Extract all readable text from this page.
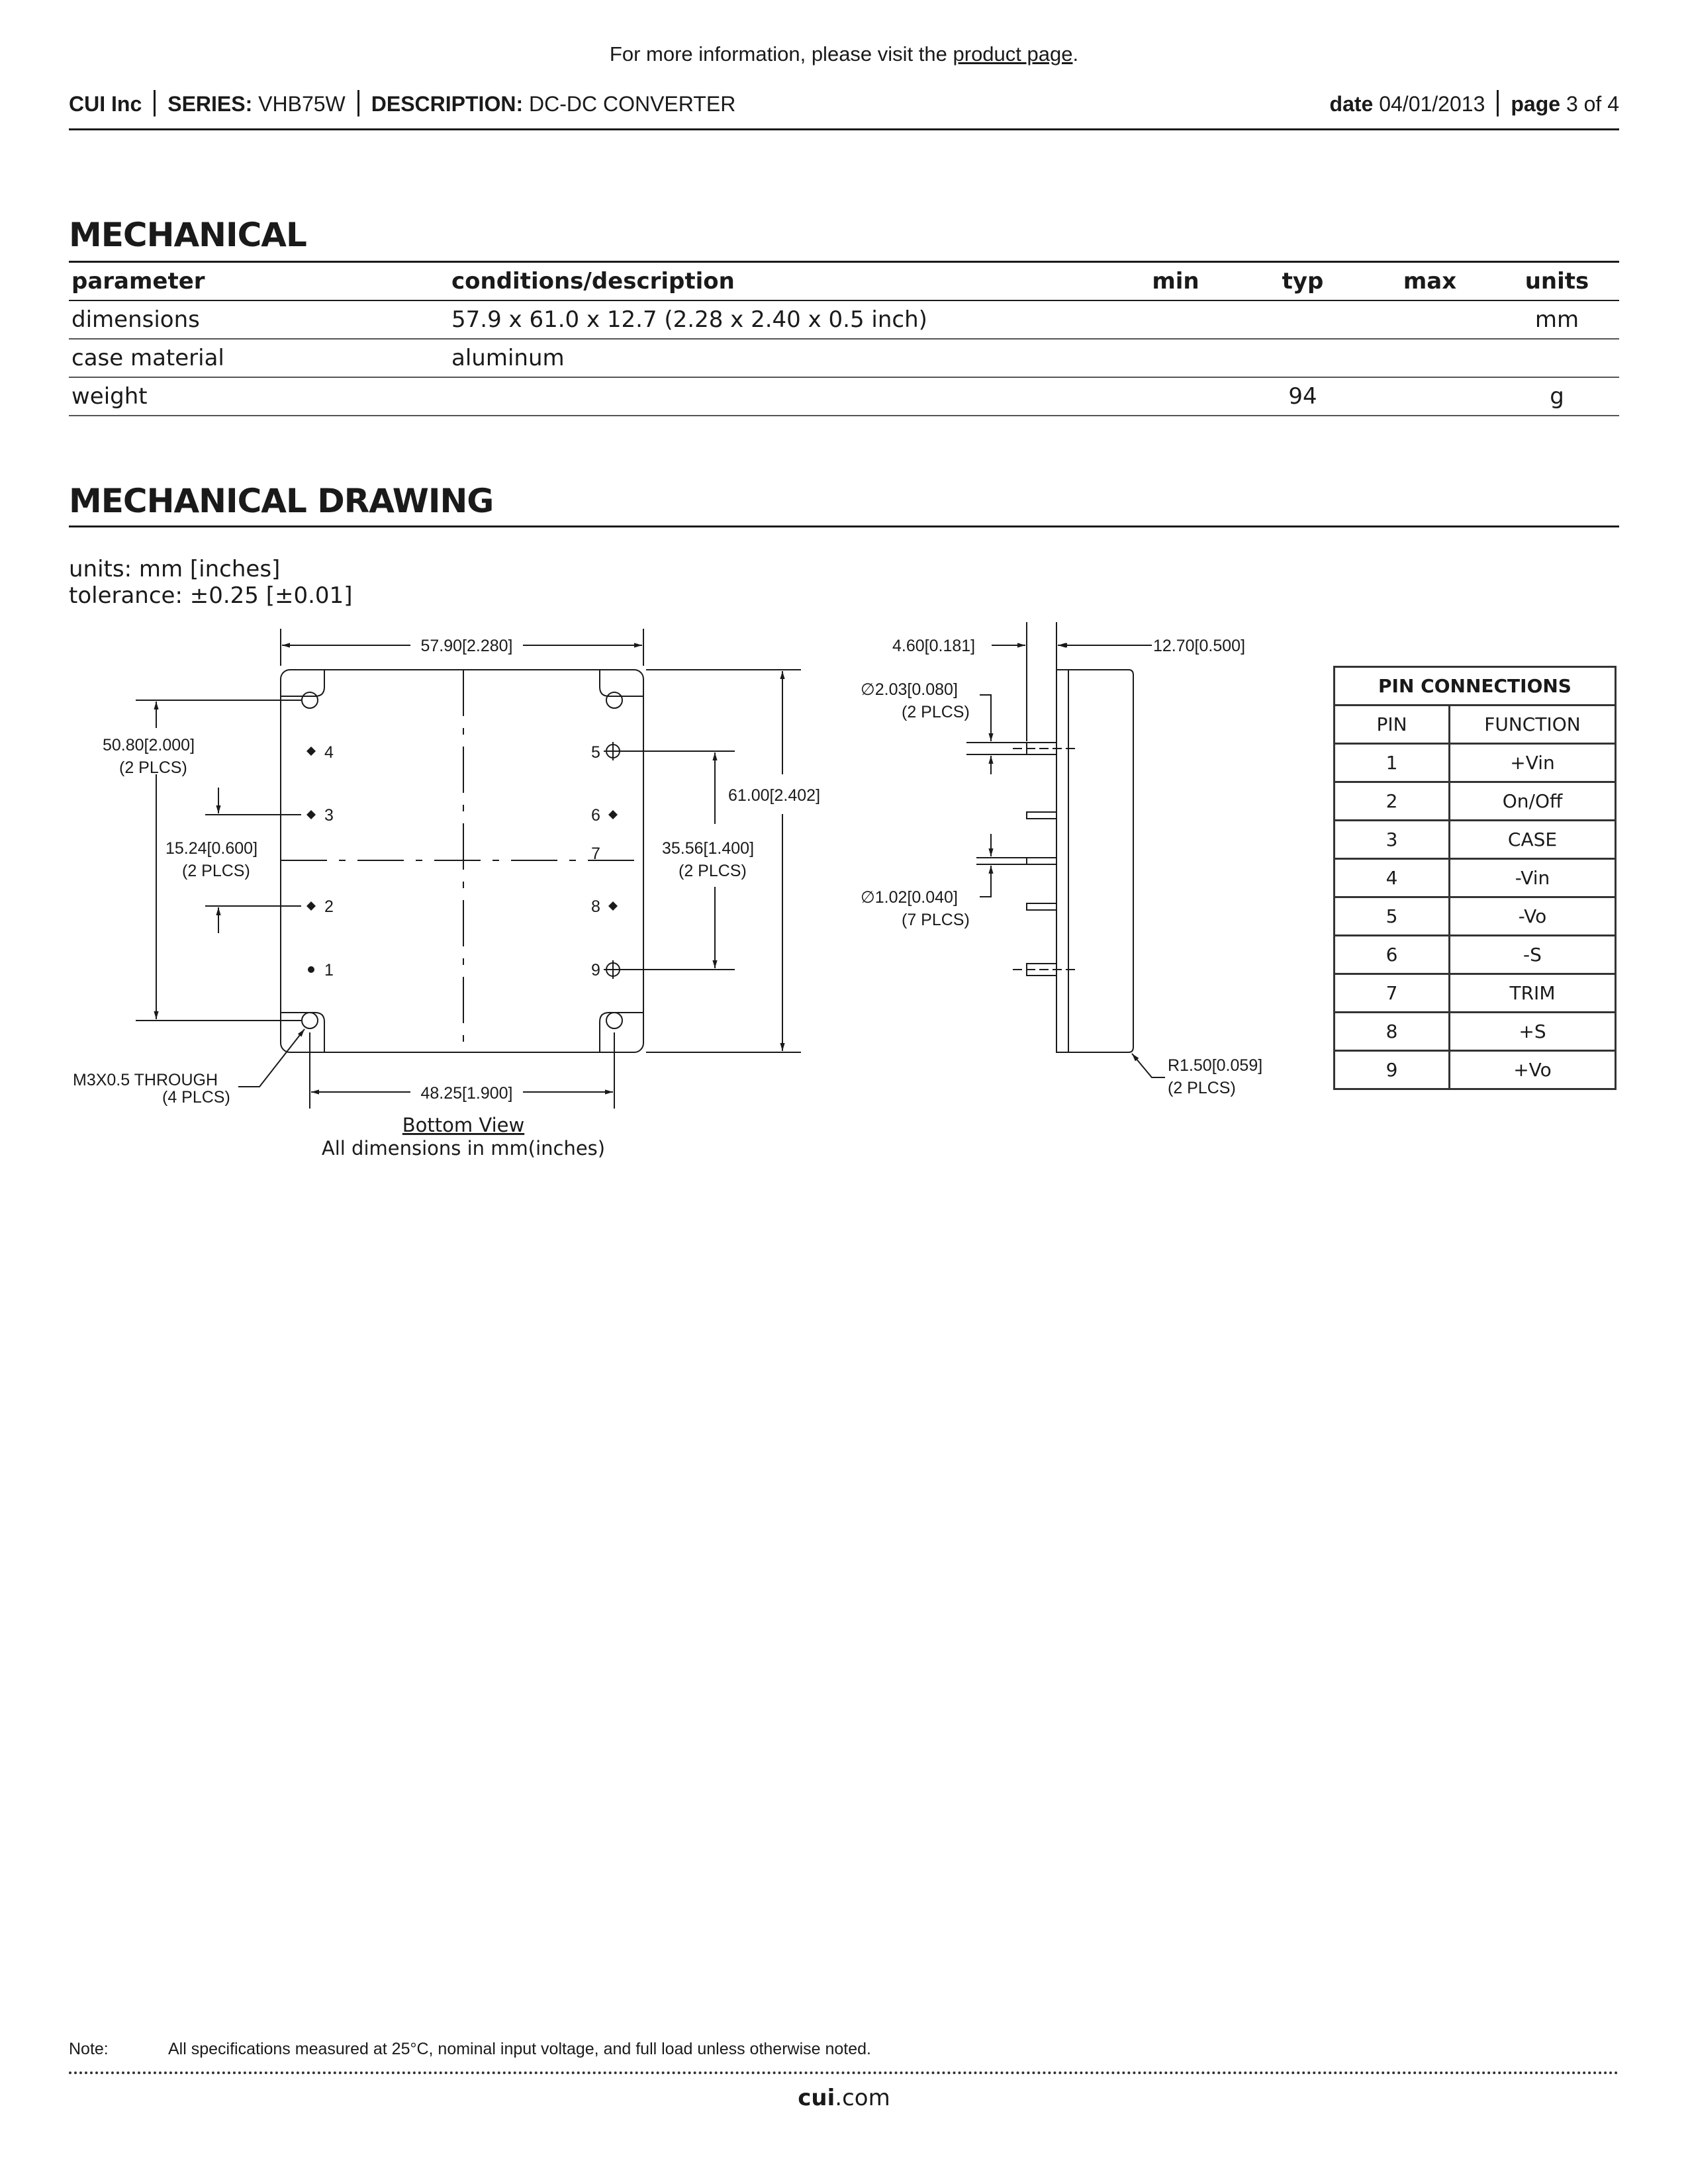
For more information, please visit the product page.
CUI Inc SERIES: VHB75W DESCRIPTION: DC-DC CONVERTER	date 04/01/2013 page 3 of 4
MECHANICAL
parameter	conditions/description	min	typ	max	units
dimensions	57.9 x 61.0 x 12.7 (2.28 x 2.40 x 0.5 inch)				mm
case material	aluminum				
weight			94		g
MECHANICAL DRAWING
units: mm [inches]
tolerance: ±0.25 [±0.01]
57.90[2.280]
61.00[2.402]
35.56[1.400]
(2 PLCS)
50.80[2.000]
(2 PLCS)
15.24[0.600]
(2 PLCS)
48.25[1.900]
M3X0.5 THROUGH
(4 PLCS)
4
3
2
1
5
6
7
8
9
Bottom View
All dimensions in mm(inches)
4.60[0.181]	12.70[0.500]
∅2.03[0.080]
(2 PLCS)
∅1.02[0.040]
(7 PLCS)
R1.50[0.059]
(2 PLCS)
PIN CONNECTIONS	
PIN	FUNCTION
1	+Vin
2	On/Off
3	CASE
4	-Vin
5	-Vo
6	-S
7	TRIM
8	+S
9	+Vo
Note:	All specifications measured at 25°C, nominal input voltage, and full load unless otherwise noted.
cui.com
